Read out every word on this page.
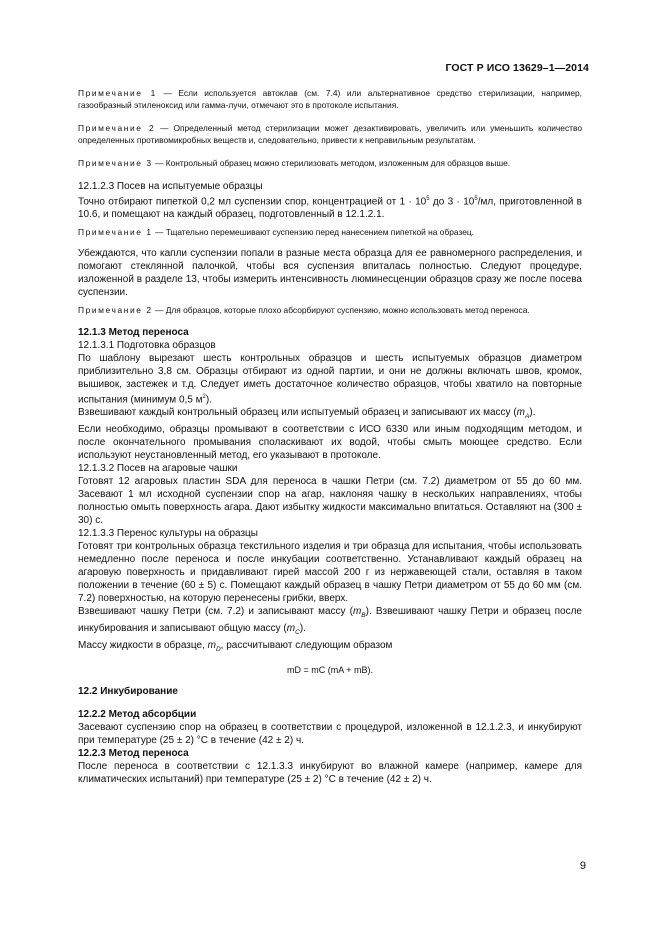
ГОСТ Р ИСО 13629–1—2014

Примечание 1 — Если используется автоклав (см. 7.4) или альтернативное средство стерилизации, например, газообразный этиленоксид или гамма-лучи, отмечают это в протоколе испытания.

Примечание 2 — Определенный метод стерилизации может дезактивировать, увеличить или уменьшить количество определенных противомикробных веществ и, следовательно, привести к неправильным результатам.

Примечание 3 — Контрольный образец можно стерилизовать методом, изложенным для образцов выше.

12.1.2.3 Посев на испытуемые образцы

Точно отбирают пипеткой 0,2 мл суспензии спор, концентрацией от $1 \cdot 10^5$ до $3 \cdot 10^5/мл$, приготовленной в 10.6, и помещают на каждый образец, подготовленный в 12.1.2.1.

Примечание 1 — Тщательно перемешивают суспензию перед нанесением пипеткой на образец.

Убеждаются, что капли суспензии попали в разные места образца для ее равномерного распределения, и помогают стеклянной палочкой, чтобы вся суспензия впиталась полностью. Следуют процедуре, изложенной в разделе 13, чтобы измерить интенсивность люминесценции образцов сразу же после посева суспензии.

Примечание 2 — Для образцов, которые плохо абсорбируют суспензию, можно использовать метод переноса.

12.1.3 Метод переноса

12.1.3.1 Подготовка образцов

По шаблону вырезают шесть контрольных образцов и шесть испытуемых образцов диаметром приблизительно 3,8 см. Образцы отбирают из одной партии, и они не должны включать швов, кромок, вышивок, застежек и т.д. Следует иметь достаточное количество образцов, чтобы хватило на повторные испытания (минимум 0,5 $м^2$).

Взвешивают каждый контрольный образец или испытуемый образец и записывают их массу $(m_A)$.

Если необходимо, образцы промывают в соответствии с ИСО 6330 или иным подходящим методом, и после окончательного промывания споласкивают их водой, чтобы смыть моющее средство. Если используют неустановленный метод, его указывают в протоколе.

12.1.3.2 Посев на агаровые чашки

Готовят 12 агаровых пластин SDA для переноса в чашки Петри (см. 7.2) диаметром от 55 до 60 мм. Засевают 1 мл исходной суспензии спор на агар, наклоняя чашку в нескольких направлениях, чтобы полностью омыть поверхность агара. Дают избытку жидкости максимально впитаться. Оставляют на (300 ± 30) с.

12.1.3.3 Перенос культуры на образцы

Готовят три контрольных образца текстильного изделия и три образца для испытания, чтобы использовать немедленно после переноса и после инкубации соответственно. Устанавливают каждый образец на агаровую поверхность и придавливают гирей массой 200 г из нержавеющей стали, оставляя в таком положении в течение (60 ± 5) с. Помещают каждый образец в чашку Петри диаметром от 55 до 60 мм (см. 7.2) поверхностью, на которую перенесены грибки, вверх.

Взвешивают чашку Петри (см. 7.2) и записывают массу $(m_B)$. Взвешивают чашку Петри и образец после инкубирования и записывают общую массу $(m_C)$.

Массу жидкости в образце, $m_D$, рассчитывают следующим образом

mD = mC (mA + mB).

12.2 Инкубирование

12.2.2 Метод абсорбции

Засевают суспензию спор на образец в соответствии с процедурой, изложенной в 12.1.2.3, и инкубируют при температуре (25 ± 2) °С в течение (42 ± 2) ч.

12.2.3 Метод переноса

После переноса в соответствии с 12.1.3.3 инкубируют во влажной камере (например, камере для климатических испытаний) при температуре (25 ± 2) °С в течение (42 ± 2) ч.

9
